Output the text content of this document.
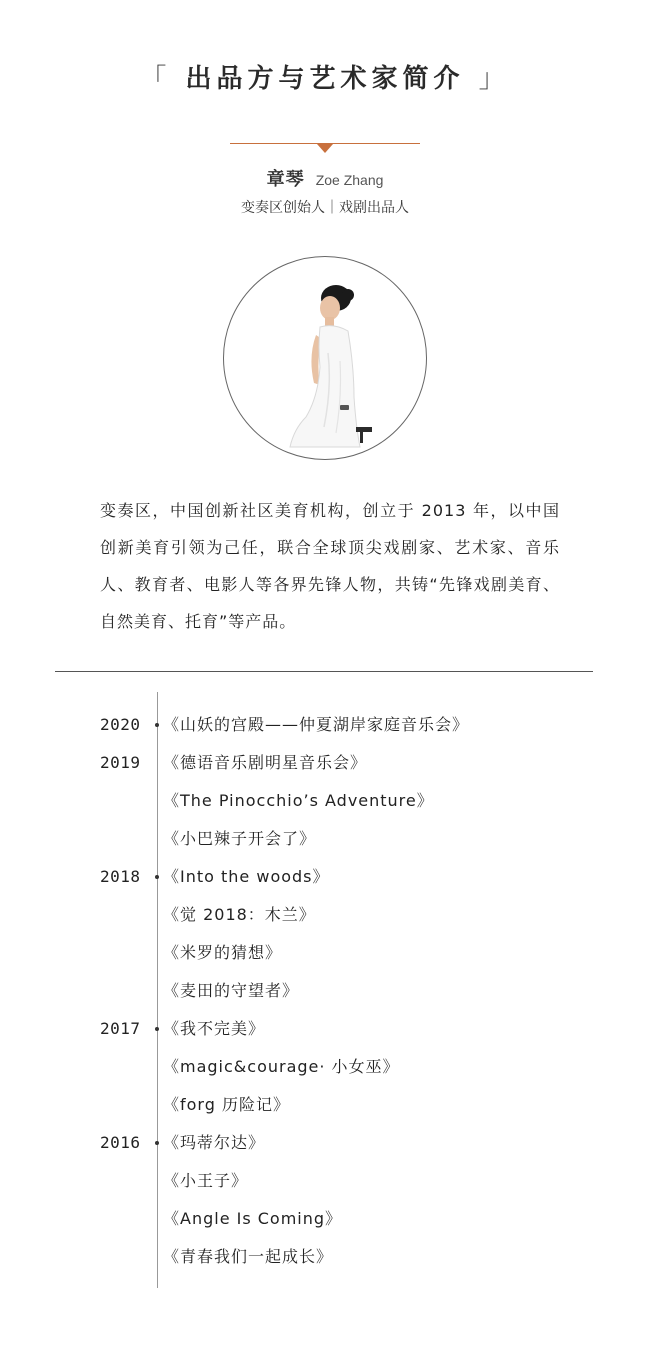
「 出品方与艺术家简介 」
章琴 Zoe Zhang
变奏区创始人｜戏剧出品人
变奏区，中国创新社区美育机构，创立于 2013 年，以中国创新美育引领为己任，联合全球顶尖戏剧家、艺术家、音乐人、教育者、电影人等各界先锋人物，共铸“先锋戏剧美育、自然美育、托育”等产品。
2020	《山妖的宫殿——仲夏湖岸家庭音乐会》
2019	《德语音乐剧明星音乐会》
《The Pinocchio’s Adventure》
《小巴辣子开会了》
2018	《Into the woods》
《觉 2018：木兰》
《米罗的猜想》
《麦田的守望者》
2017	《我不完美》
《magic&courage· 小女巫》
《forg 历险记》
2016	《玛蒂尔达》
《小王子》
《Angle Is Coming》
《青春我们一起成长》
